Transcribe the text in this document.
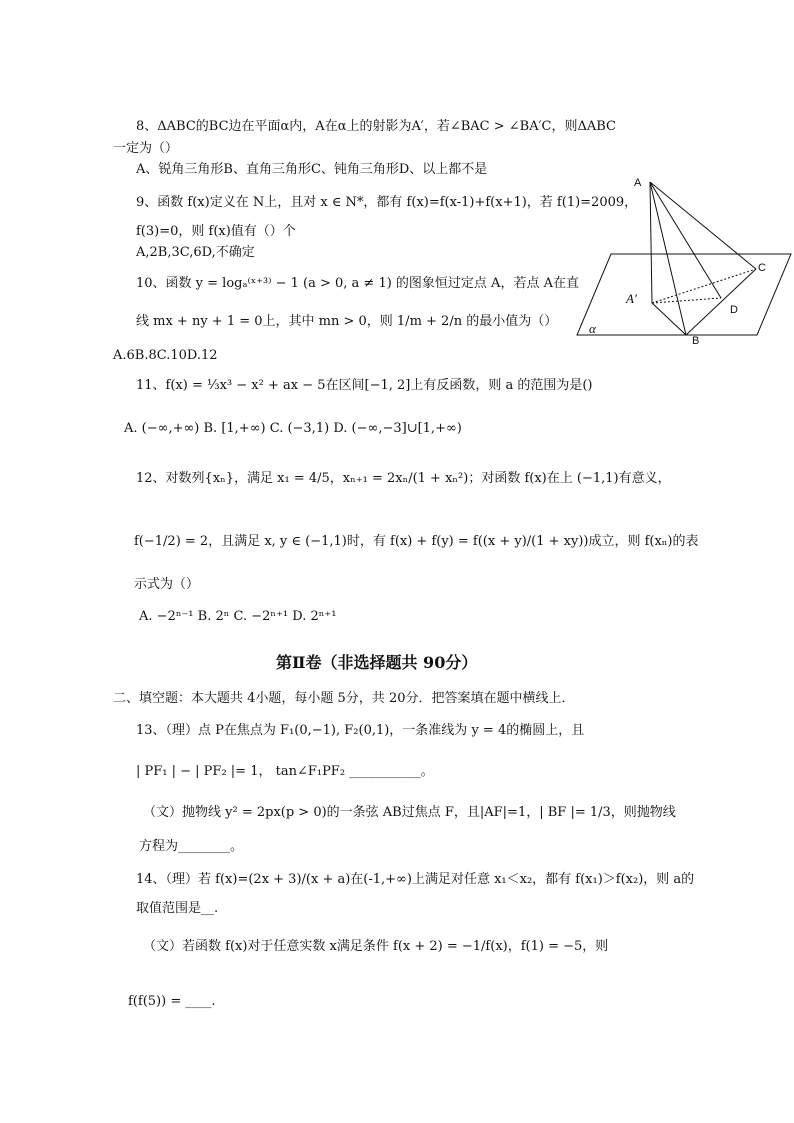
8、ΔABC的BC边在平面α内，A在α上的射影为A′，若∠BAC > ∠BA′C，则ΔABC
一定为（）
A、锐角三角形B、直角三角形C、钝角三角形D、以上都不是
9、函数 f(x)定义在 N上，且对 x ∈ N*，都有 f(x)=f(x-1)+f(x+1)，若 f(1)=2009，
f(3)=0，则 f(x)值有（）个
A,2B,3C,6D,不确定
10、函数 y = logₐ⁽ˣ⁺³⁾ − 1 (a > 0, a ≠ 1) 的图象恒过定点 A，若点 A在直
线 mx + ny + 1 = 0上，其中 mn > 0，则 1/m + 2/n 的最小值为（）
A.6B.8C.10D.12
11、f(x) = ⅓x³ − x² + ax − 5在区间[−1, 2]上有反函数，则 a 的范围为是()
A. (−∞,+∞) B. [1,+∞) C. (−3,1) D. (−∞,−3]∪[1,+∞)
12、对数列{xₙ}，满足 x₁ = 4/5，xₙ₊₁ = 2xₙ/(1 + xₙ²)；对函数 f(x)在上 (−1,1)有意义，
f(−1/2) = 2，且满足 x, y ∈ (−1,1)时，有 f(x) + f(y) = f((x + y)/(1 + xy))成立，则 f(xₙ)的表
示式为（）
A. −2ⁿ⁻¹ B. 2ⁿ C. −2ⁿ⁺¹ D. 2ⁿ⁺¹
第Ⅱ卷（非选择题共 90分）
二、填空题：本大题共 4小题，每小题 5分，共 20分．把答案填在题中横线上．
13、（理）点 P在焦点为 F₁(0,−1), F₂(0,1)，一条准线为 y = 4的椭圆上，且
| PF₁ | − | PF₂ |= 1， tan∠F₁PF₂ ___________。
（文）抛物线 y² = 2px(p > 0)的一条弦 AB过焦点 F，且|AF|=1，| BF |= 1/3，则抛物线
方程为________。
14、（理）若 f(x)=(2x + 3)/(x + a)在(-1,+∞)上满足对任意 x₁＜x₂，都有 f(x₁)＞f(x₂)，则 a的
取值范围是__.
（文）若函数 f(x)对于任意实数 x满足条件 f(x + 2) = −1/f(x)，f(1) = −5，则
f(f(5)) = ____.
A
C
D
A′
B
α
